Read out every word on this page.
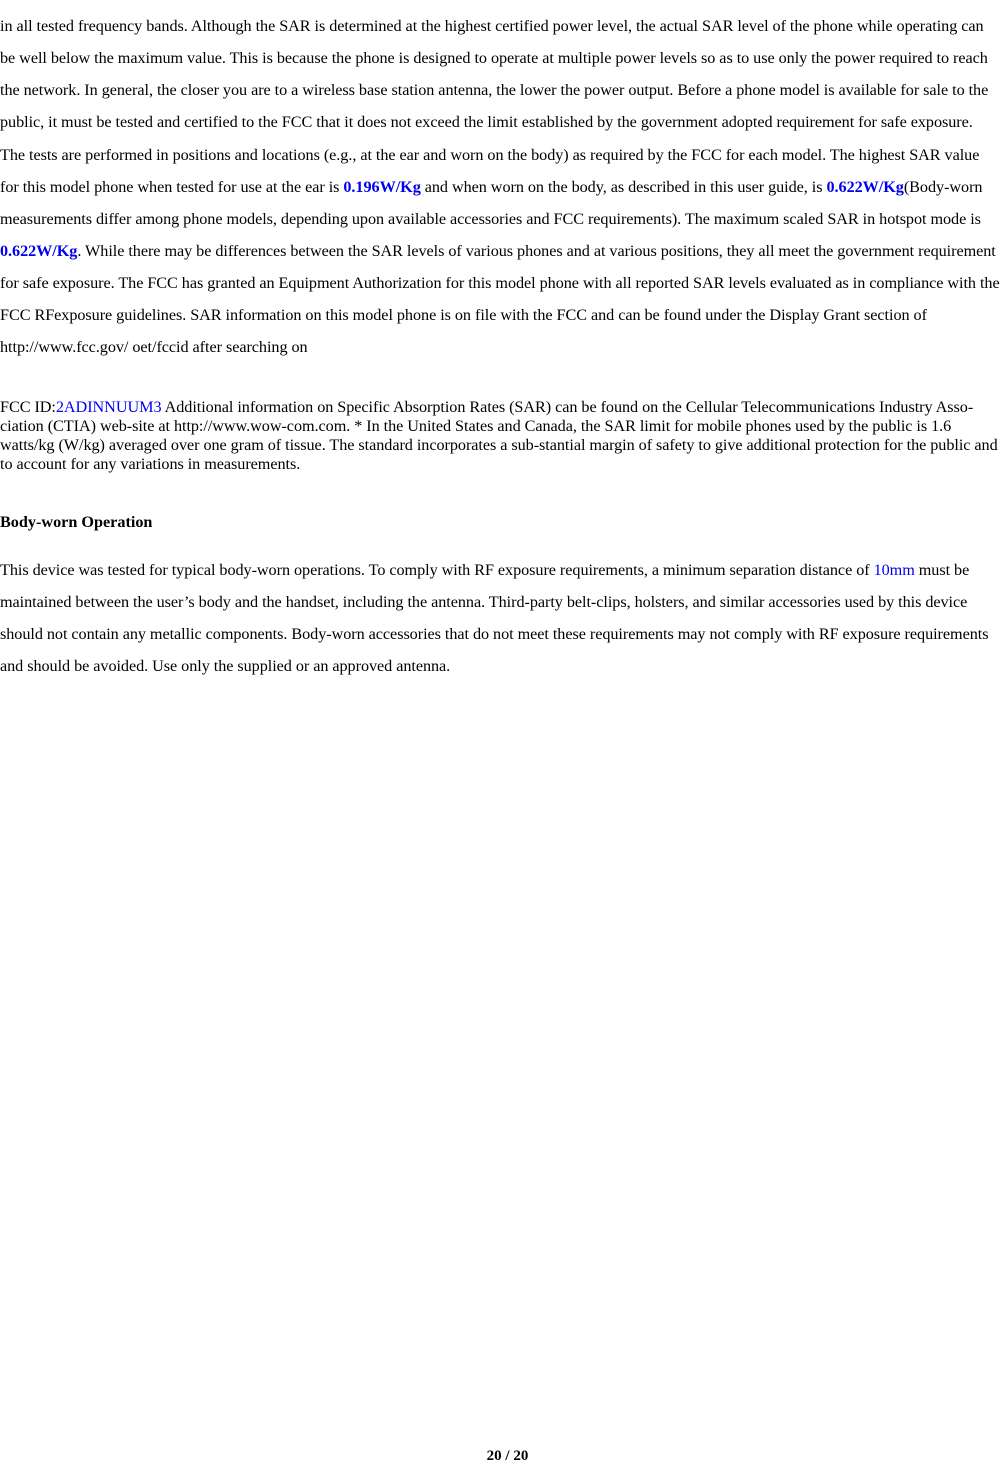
in all tested frequency bands. Although the SAR is determined at the highest certified power level, the actual SAR level of the phone while operating can be well below the maximum value. This is because the phone is designed to operate at multiple power levels so as to use only the power required to reach the network. In general, the closer you are to a wireless base station antenna, the lower the power output. Before a phone model is available for sale to the public, it must be tested and certified to the FCC that it does not exceed the limit established by the government adopted requirement for safe exposure. The tests are performed in positions and locations (e.g., at the ear and worn on the body) as required by the FCC for each model. The highest SAR value for this model phone when tested for use at the ear is 0.196W/Kg and when worn on the body, as described in this user guide, is 0.622W/Kg(Body-worn measurements differ among phone models, depending upon available accessories and FCC requirements). The maximum scaled SAR in hotspot mode is 0.622W/Kg. While there may be differences between the SAR levels of various phones and at various positions, they all meet the government requirement for safe exposure. The FCC has granted an Equipment Authorization for this model phone with all reported SAR levels evaluated as in compliance with the FCC RFexposure guidelines. SAR information on this model phone is on file with the FCC and can be found under the Display Grant section of http://www.fcc.gov/ oet/fccid after searching on

FCC ID:2ADINNUUM3 Additional information on Specific Absorption Rates (SAR) can be found on the Cellular Telecommunications Industry Asso-ciation (CTIA) web-site at http://www.wow-com.com. * In the United States and Canada, the SAR limit for mobile phones used by the public is 1.6 watts/kg (W/kg) averaged over one gram of tissue. The standard incorporates a sub-stantial margin of safety to give additional protection for the public and to account for any variations in measurements.

Body-worn Operation

This device was tested for typical body-worn operations. To comply with RF exposure requirements, a minimum separation distance of 10mm must be maintained between the user’s body and the handset, including the antenna. Third-party belt-clips, holsters, and similar accessories used by this device should not contain any metallic components. Body-worn accessories that do not meet these requirements may not comply with RF exposure requirements and should be avoided. Use only the supplied or an approved antenna.

20 / 20
